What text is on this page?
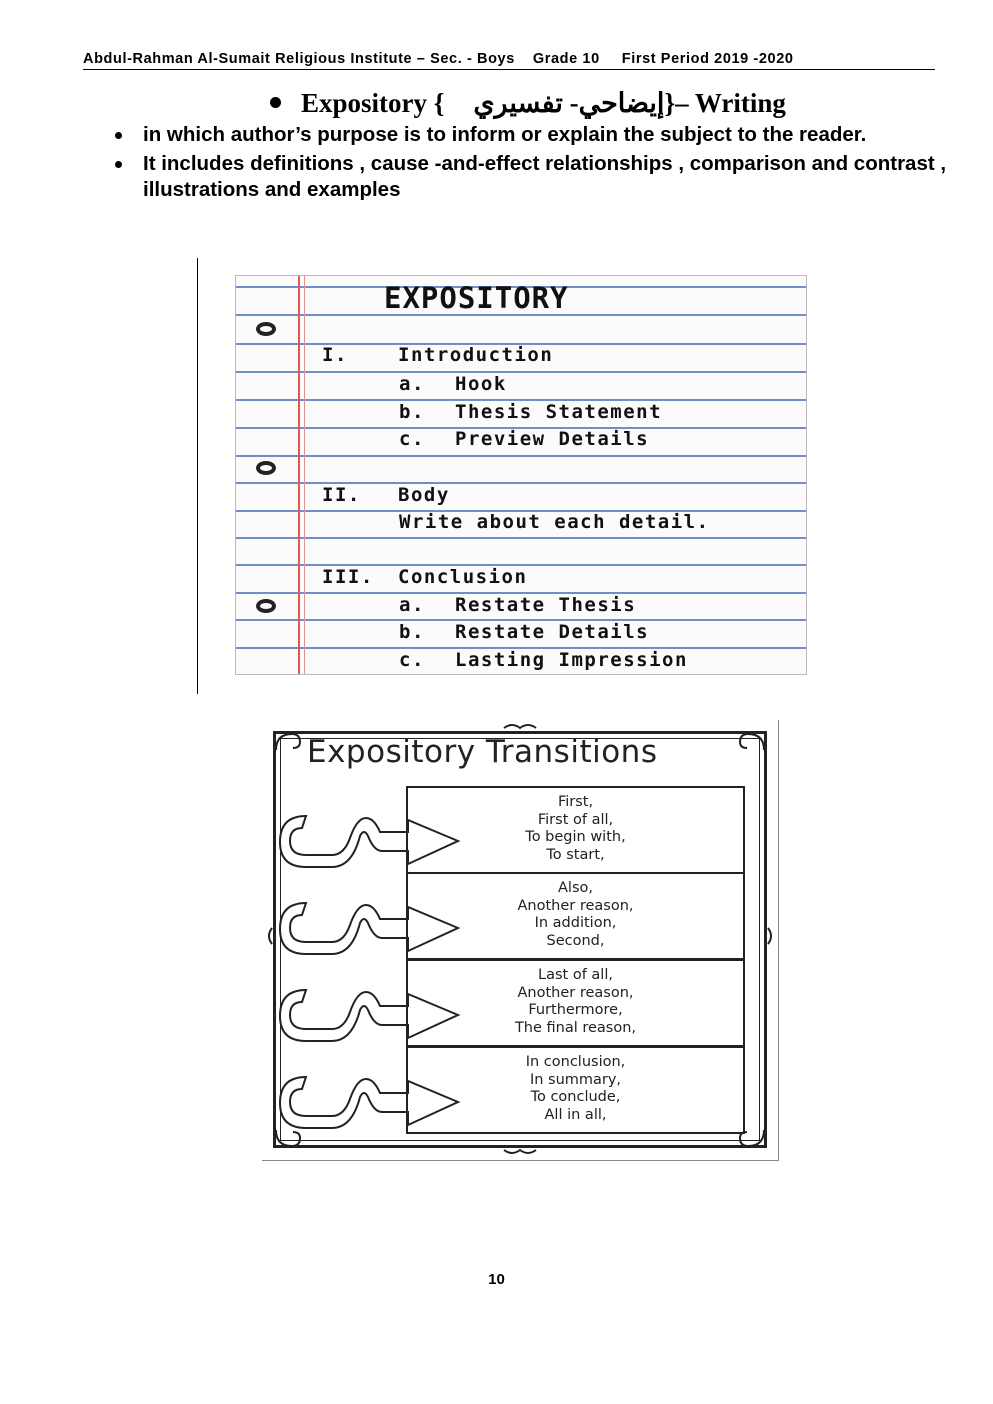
Abdul-Rahman Al-Sumait Religious Institute – Sec. - Boys Grade 10 First Period 2019 -2020
Expository { إيضاحي- تفسيري}– Writing
in which author’s purpose is to inform or explain the subject to the reader.
It includes definitions , cause -and-effect relationships , comparison and contrast , illustrations and examples
EXPOSITORY
I.	Introduction
a. Hook
b. Thesis Statement
c. Preview Details
II. Body
Write about each detail.
III. Conclusion
a. Restate Thesis
b. Restate Details
c. Lasting Impression
Expository Transitions
First,
First of all,
To begin with,
To start,
Also,
Another reason,
In addition,
Second,
Last of all,
Another reason,
Furthermore,
The final reason,
In conclusion,
In summary,
To conclude,
All in all,
10
